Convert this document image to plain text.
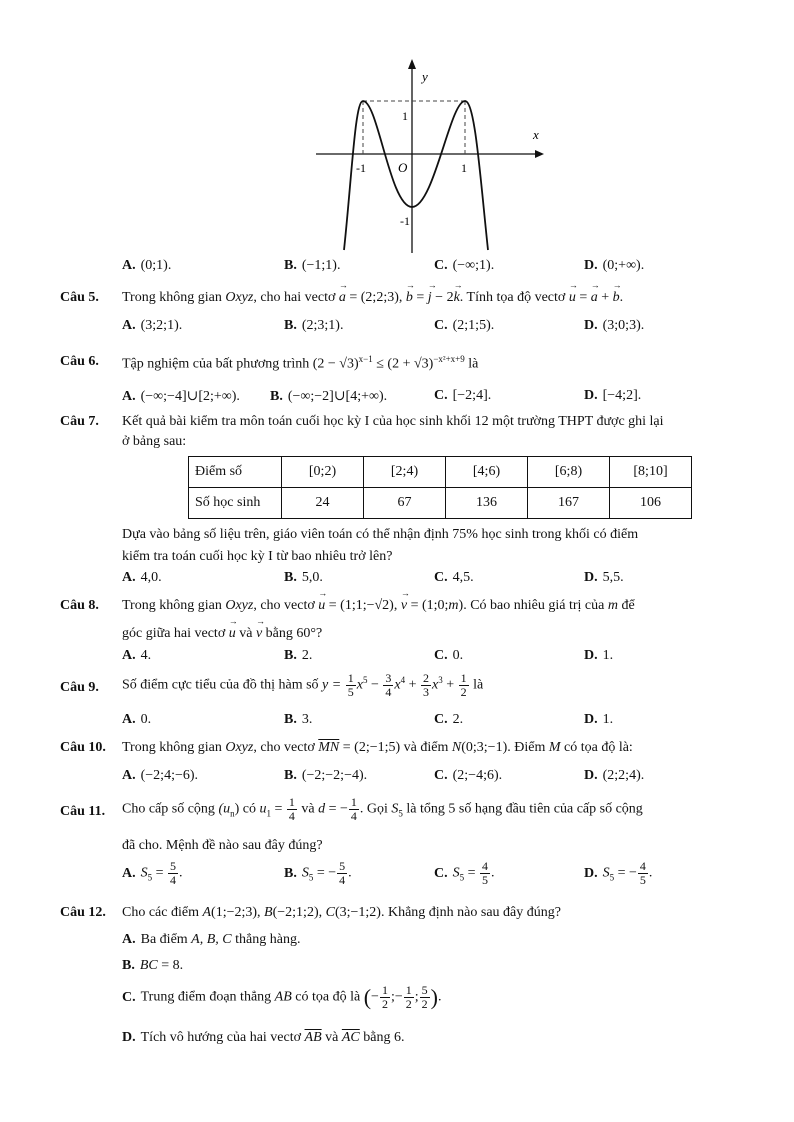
y
x
O
1
-1
-1	1
A. (0;1).	B. (−1;1).	C. (−∞;1).	D. (0;+∞).
Câu 5. Trong không gian Oxyz, cho hai vectơ → a = (2;2;3), → b = → j − 2→ k. Tính tọa độ vectơ → u = → a + → b.
A. (3;2;1).	B. (2;3;1).	C. (2;1;5).	D. (3;0;3).
Câu 6. Tập nghiệm của bất phương trình $(2 - √3)^{x-1} \le (2 + √3)^{-x^2+x+9}$ là
A. (−∞;−4]∪[2;+∞). B. (−∞;−2]∪[4;+∞).	C. [−2;4].	D. [−4;2].
Câu 7. Kết quả bài kiểm tra môn toán cuối học kỳ I của học sinh khối 12 một trường THPT được ghi lại
ở bảng sau:
Điểm số	[0;2)	[2;4)	[4;6)	[6;8)	[8;10]
Số học sinh	24	67	136	167	106
Dựa vào bảng số liệu trên, giáo viên toán có thể nhận định 75% học sinh trong khối có điểm
kiểm tra toán cuối học kỳ I từ bao nhiêu trở lên?
A. 4,0.	B. 5,0.	C. 4,5.	D. 5,5.
Câu 8. Trong không gian Oxyz, cho vectơ → u = (1;1;−√2), → v = (1;0;m). Có bao nhiêu giá trị của m để
góc giữa hai vectơ → u và → v bằng 60°?
A. 4.	B. 2.	C. 0.	D. 1.
Câu 9. Số điểm cực tiểu của đồ thị hàm số $y = \frac{1}{5} x^5 - \frac{3}{4} x^4 + \frac{2}{3} x^3 + \frac{1}{2}$ là
A. 0.	B. 3.	C. 2.	D. 1.
Câu 10. Trong không gian Oxyz, cho vectơ $\overline{MN}$ = (2;−1;5) và điểm N(0;3;−1). Điểm M có tọa độ là:
A. (−2;4;−6).	B. (−2;−2;−4).	C. (2;−4;6).	D. (2;2;4).
Câu 11. Cho cấp số cộng $(u_n)$ có $u_1 = \frac{1}{4}$ và d = − $\frac{1}{4}$ . Gọi $S_5$ là tổng 5 số hạng đầu tiên của cấp số cộng
đã cho. Mệnh đề nào sau đây đúng?
A. $S_5 = \frac{5}{4}$ .	B. $S_5$ = − $\frac{5}{4}$ .	C. $S_5 = \frac{4}{5}$ .	D. $S_5$ = − $\frac{4}{5}$ .
Câu 12. Cho các điểm A(1;−2;3), B(−2;1;2), C(3;−1;2). Khẳng định nào sau đây đúng?
A. Ba điểm A, B, C thẳng hàng.
B. BC = 8.
C. Trung điểm đoạn thẳng AB có tọa độ là (− $\frac{1}{2}$ ;− $\frac{1}{2}$ ; $\frac{5}{2}$ ).
D. Tích vô hướng của hai vectơ $\overline{AB}$ và $\overline{AC}$ bằng 6.
